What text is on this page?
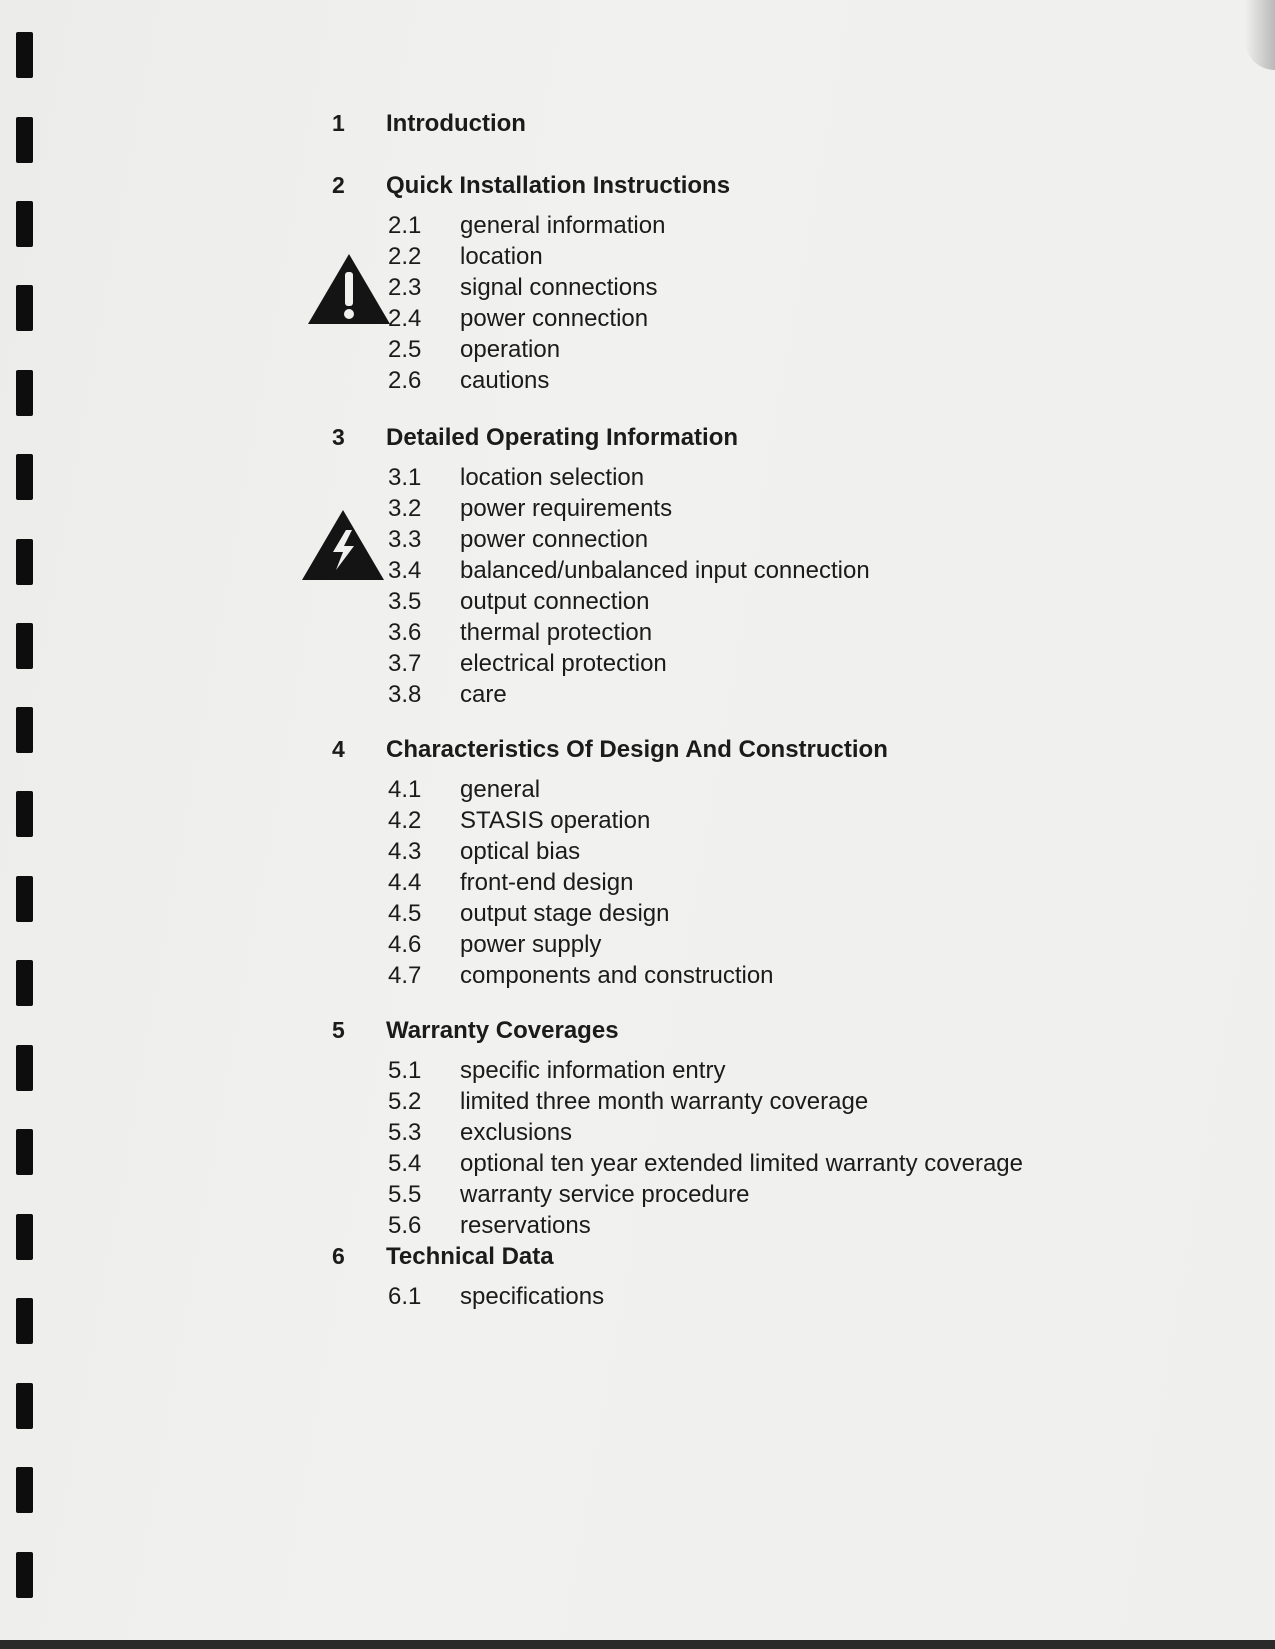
1	Introduction
2	Quick Installation Instructions
2.1	general information
2.2	location
2.3	signal connections
2.4	power connection
2.5	operation
2.6	cautions
3	Detailed Operating Information
3.1	location selection
3.2	power requirements
3.3	power connection
3.4	balanced/unbalanced input connection
3.5	output connection
3.6	thermal protection
3.7	electrical protection
3.8	care
4	Characteristics Of Design And Construction
4.1	general
4.2	STASIS operation
4.3	optical bias
4.4	front-end design
4.5	output stage design
4.6	power supply
4.7	components and construction
5	Warranty Coverages
5.1	specific information entry
5.2	limited three month warranty coverage
5.3	exclusions
5.4	optional ten year extended limited warranty coverage
5.5	warranty service procedure
5.6	reservations
6	Technical Data
6.1	specifications
